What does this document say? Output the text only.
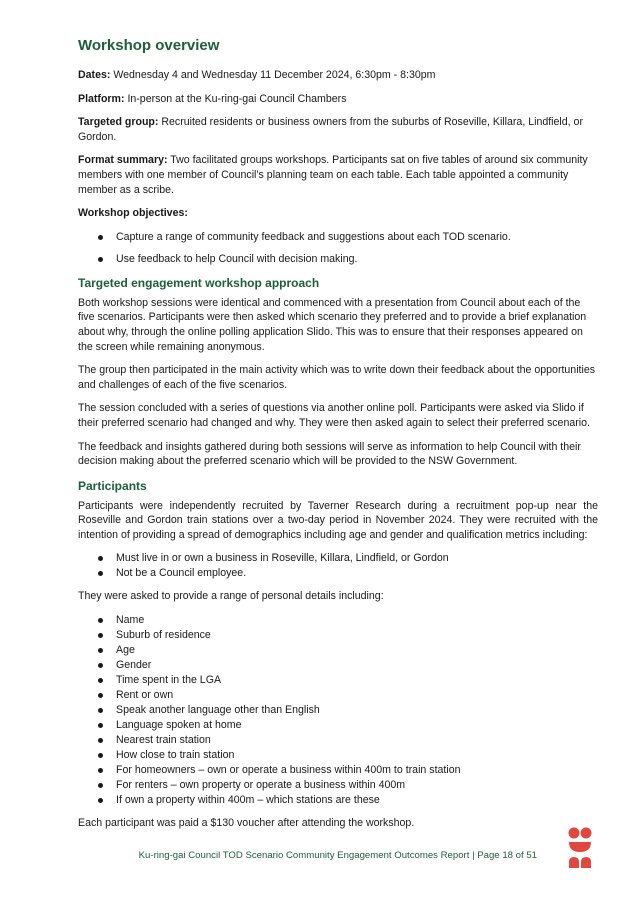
Workshop overview

Dates: Wednesday 4 and Wednesday 11 December 2024, 6:30pm - 8:30pm

Platform: In-person at the Ku-ring-gai Council Chambers

Targeted group: Recruited residents or business owners from the suburbs of Roseville, Killara, Lindfield, or Gordon.

Format summary: Two facilitated groups workshops. Participants sat on five tables of around six community members with one member of Council’s planning team on each table. Each table appointed a community member as a scribe.

Workshop objectives:

Capture a range of community feedback and suggestions about each TOD scenario.
Use feedback to help Council with decision making.
Targeted engagement workshop approach

Both workshop sessions were identical and commenced with a presentation from Council about each of the five scenarios. Participants were then asked which scenario they preferred and to provide a brief explanation about why, through the online polling application Slido. This was to ensure that their responses appeared on the screen while remaining anonymous.

The group then participated in the main activity which was to write down their feedback about the opportunities and challenges of each of the five scenarios.

The session concluded with a series of questions via another online poll. Participants were asked via Slido if their preferred scenario had changed and why. They were then asked again to select their preferred scenario.

The feedback and insights gathered during both sessions will serve as information to help Council with their decision making about the preferred scenario which will be provided to the NSW Government.

Participants

Participants were independently recruited by Taverner Research during a recruitment pop-up near the Roseville and Gordon train stations over a two-day period in November 2024. They were recruited with the intention of providing a spread of demographics including age and gender and qualification metrics including:

Must live in or own a business in Roseville, Killara, Lindfield, or Gordon
Not be a Council employee.

They were asked to provide a range of personal details including:

Name
Suburb of residence
Age
Gender
Time spent in the LGA
Rent or own
Speak another language other than English
Language spoken at home
Nearest train station
How close to train station
For homeowners – own or operate a business within 400m to train station
For renters – own property or operate a business within 400m
If own a property within 400m – which stations are these

Each participant was paid a $130 voucher after attending the workshop.

Ku-ring-gai Council TOD Scenario Community Engagement Outcomes Report | Page 18 of 51
